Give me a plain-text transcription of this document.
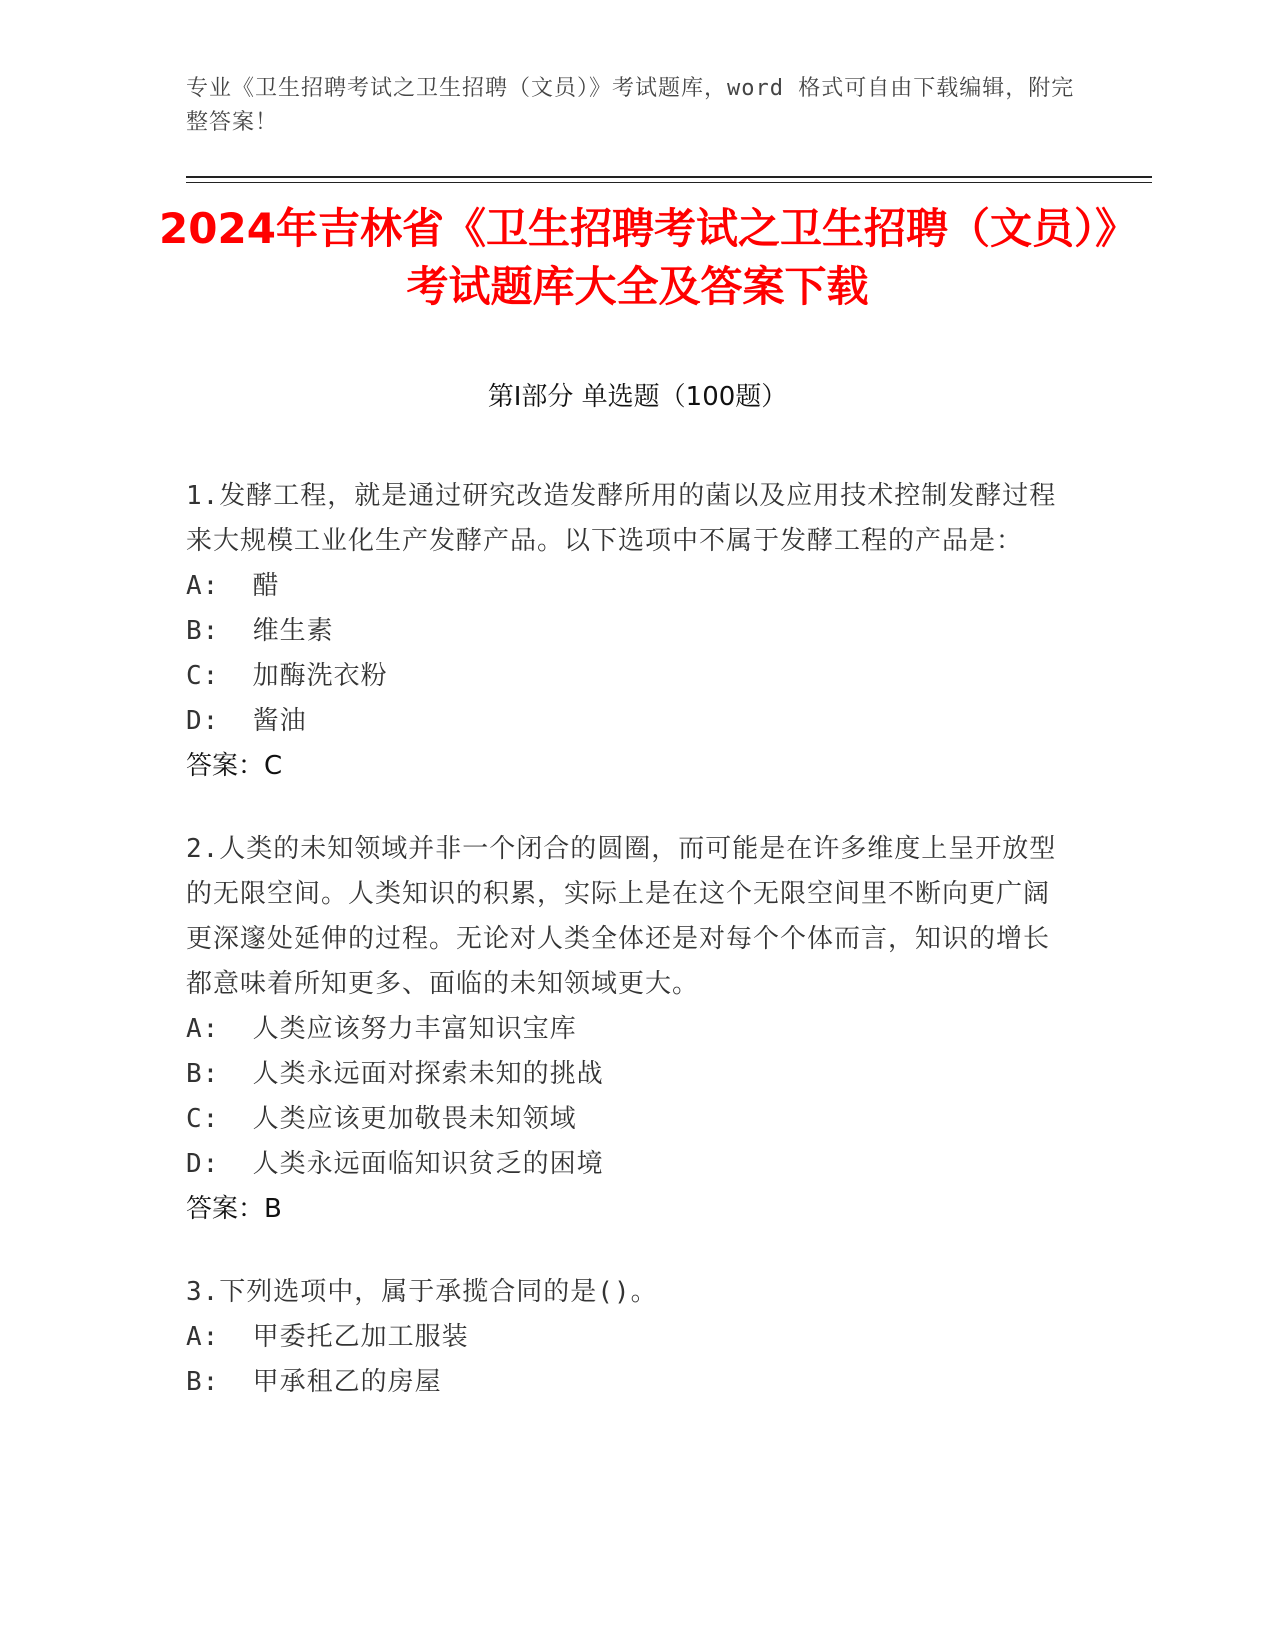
专业《卫生招聘考试之卫生招聘（文员）》考试题库，word 格式可自由下载编辑，附完整答案！
2024年吉林省《卫生招聘考试之卫生招聘（文员）》考试题库大全及答案下载
第Ⅰ部分 单选题（100题）

1.发酵工程，就是通过研究改造发酵所用的菌以及应用技术控制发酵过程来大规模工业化生产发酵产品。以下选项中不属于发酵工程的产品是：

A:  醋

B:  维生素

C:  加酶洗衣粉

D:  酱油

答案：C

2.人类的未知领域并非一个闭合的圆圈，而可能是在许多维度上呈开放型的无限空间。人类知识的积累，实际上是在这个无限空间里不断向更广阔更深邃处延伸的过程。无论对人类全体还是对每个个体而言，知识的增长都意味着所知更多、面临的未知领域更大。

A:  人类应该努力丰富知识宝库

B:  人类永远面对探索未知的挑战

C:  人类应该更加敬畏未知领域

D:  人类永远面临知识贫乏的困境

答案：B

3.下列选项中，属于承揽合同的是()。

A:  甲委托乙加工服装

B:  甲承租乙的房屋
